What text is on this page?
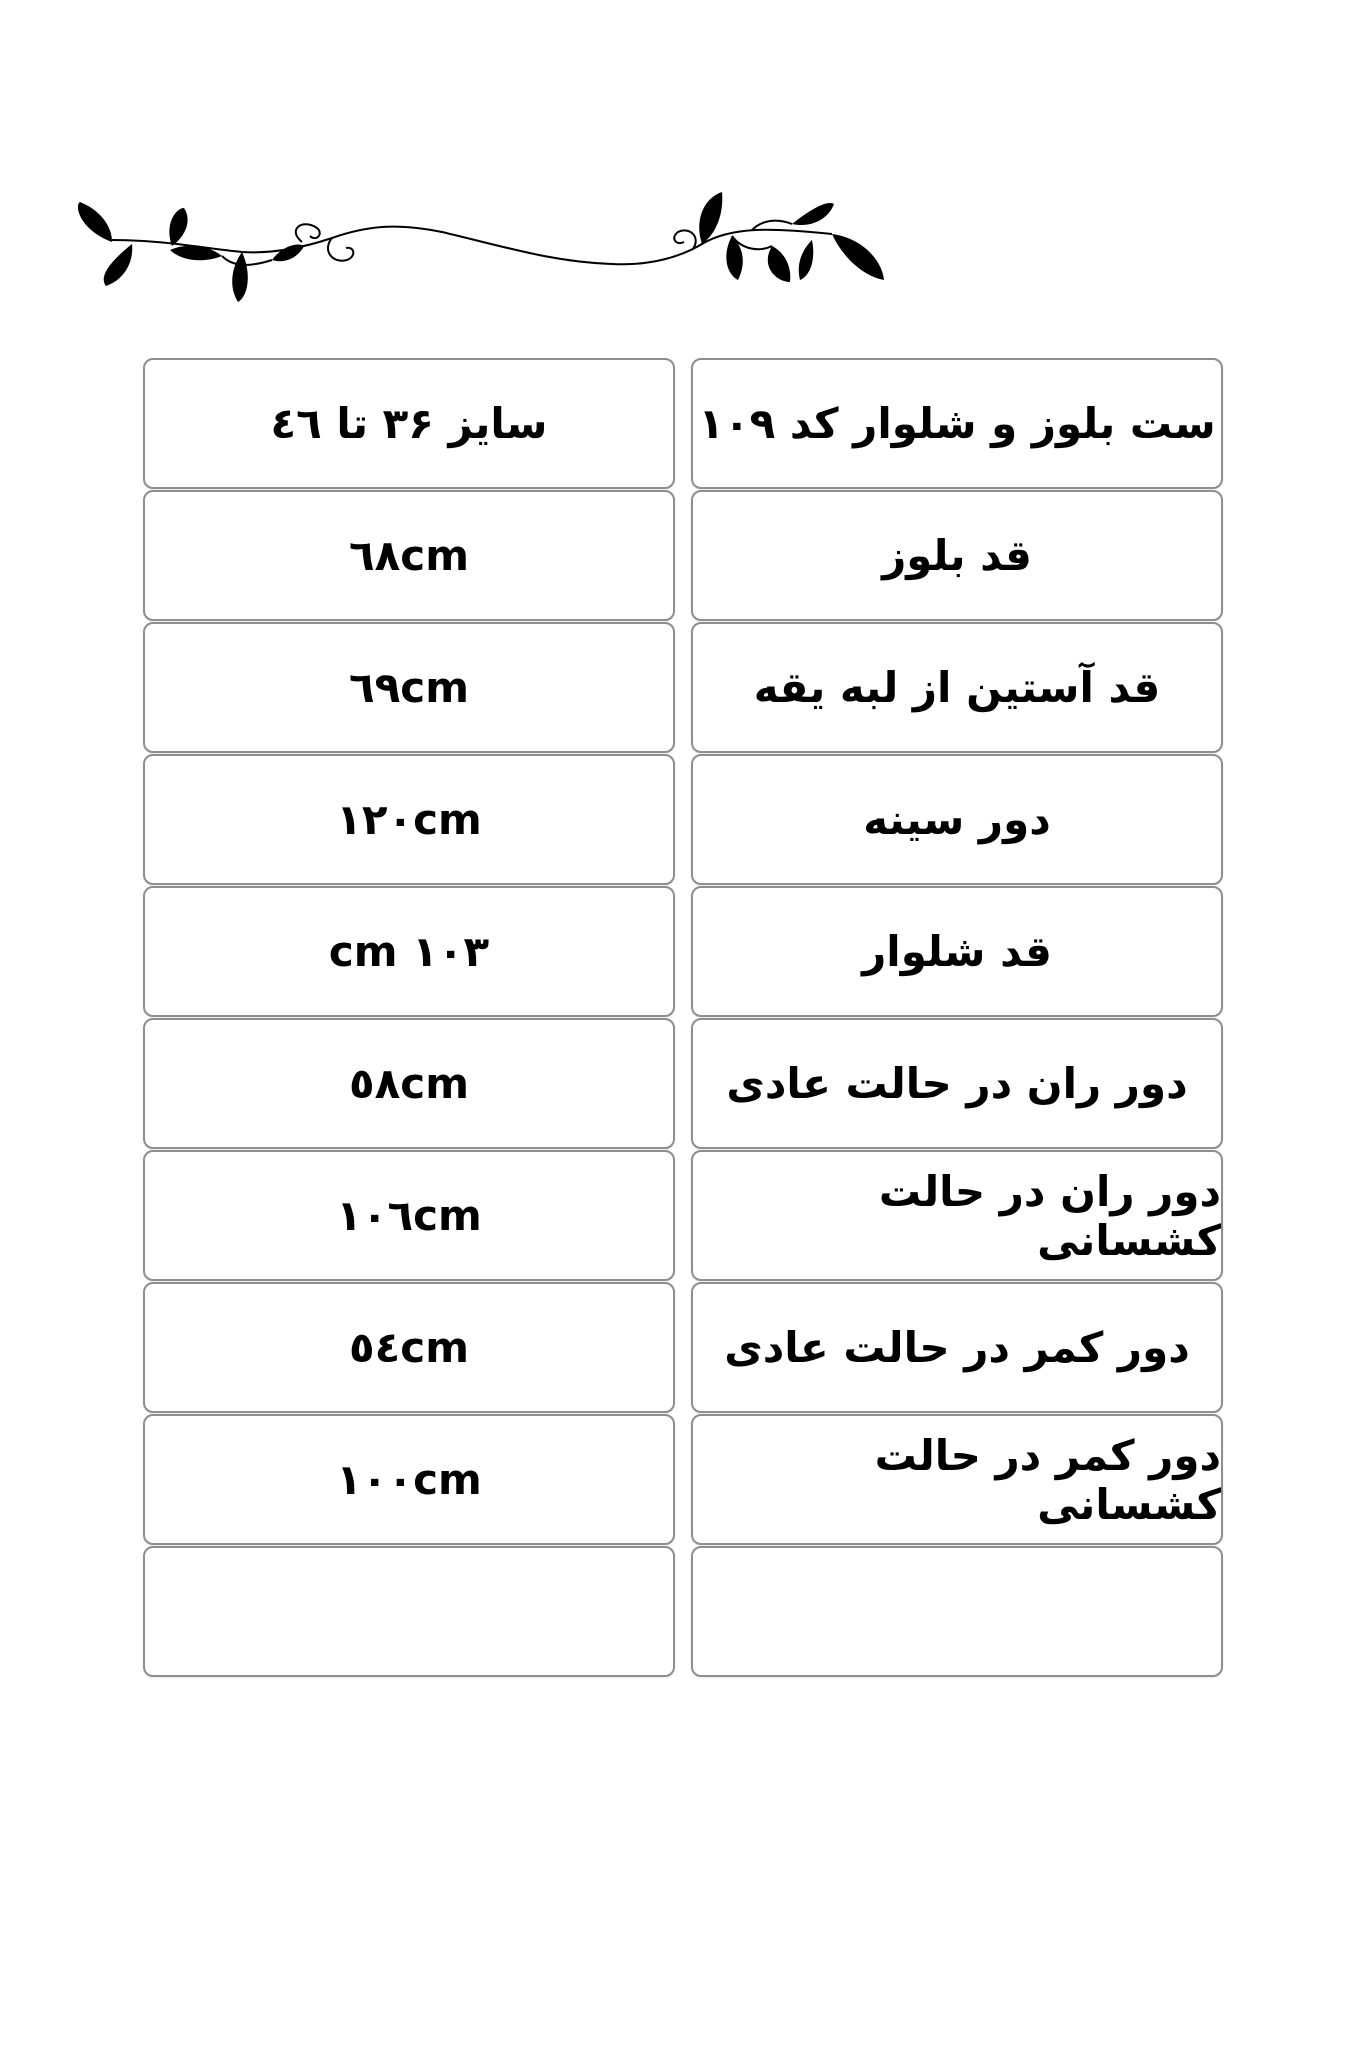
سایز ۳۶ تا ٤٦	ست بلوز و شلوار کد ۱۰۹
٦٨cm	قد بلوز
٦٩cm	قد آستین از لبه یقه
۱۲۰cm	دور سینه
۱۰۳ cm	قد شلوار
٥٨cm	دور ران در حالت عادی
۱۰٦cm	دور ران در حالت کشسانی
٥٤cm	دور کمر در حالت عادی
۱۰۰cm	دور کمر در حالت کشسانی
